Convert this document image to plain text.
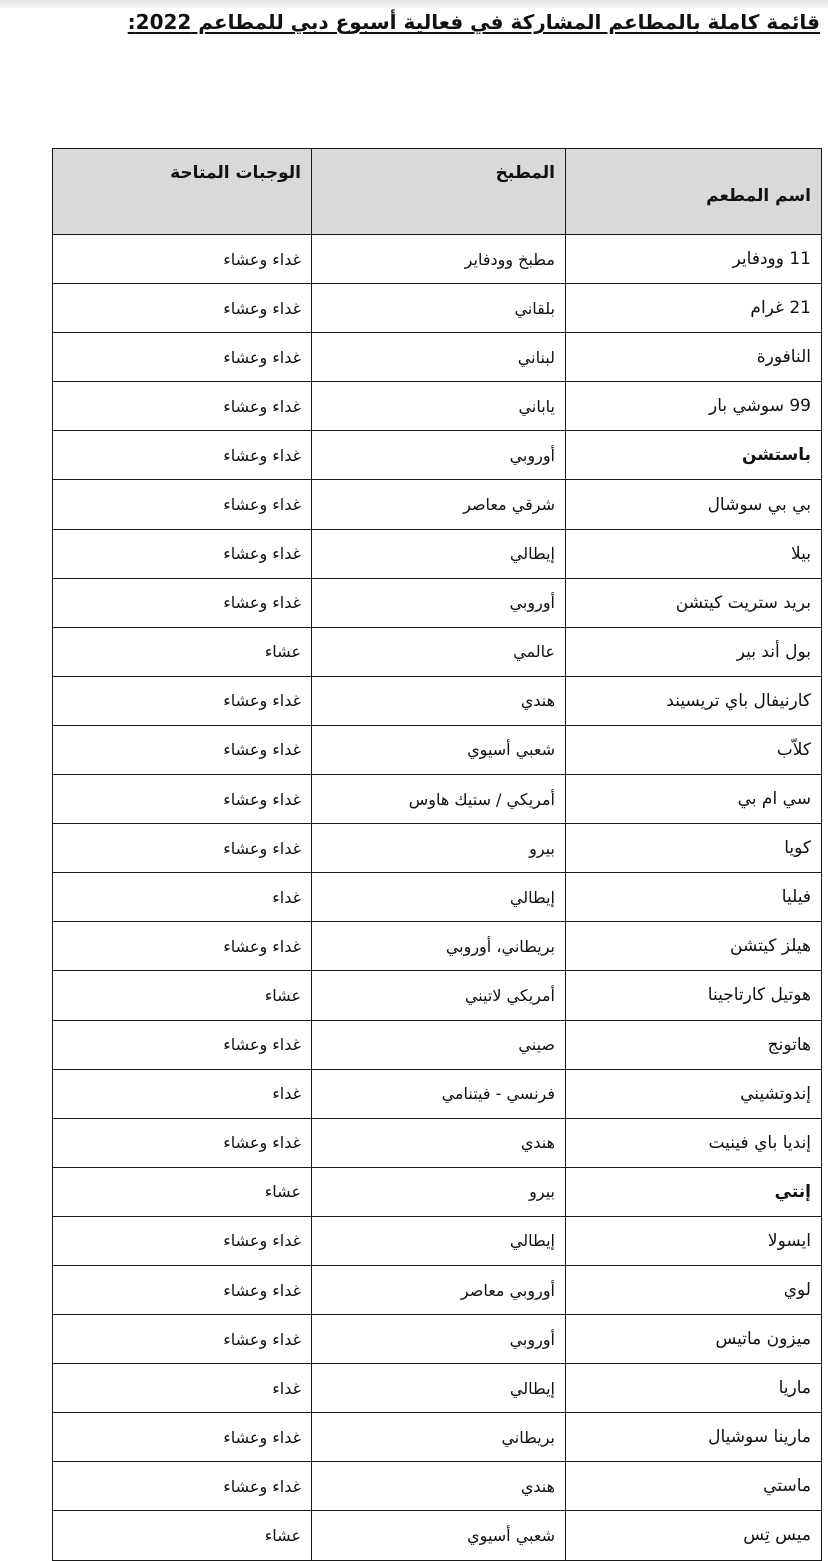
قائمة كاملة بالمطاعم المشاركة في فعالية أسبوع دبي للمطاعم 2022:
اسم المطعم	المطبخ	الوجبات المتاحة
11 وودفاير	مطبخ وودفاير	غداء وعشاء
21 غرام	بلقاني	غداء وعشاء
النافورة	لبناني	غداء وعشاء
99 سوشي بار	ياباني	غداء وعشاء
باستشن	أوروبي	غداء وعشاء
بي بي سوشال	شرقي معاصر	غداء وعشاء
بيلا	إيطالي	غداء وعشاء
بريد ستريت كيتشن	أوروبي	غداء وعشاء
بول أند بير	عالمي	عشاء
كارنيفال باي تريسيند	هندي	غداء وعشاء
كلاّب	شعبي أسيوي	غداء وعشاء
سي ام بي	أمريكي / ستيك هاوس	غداء وعشاء
كويا	بيرو	غداء وعشاء
فيليا	إيطالي	غداء
هيلز كيتشن	بريطاني، أوروبي	غداء وعشاء
هوتيل كارتاجينا	أمريكي لاتيني	عشاء
هاتونج	صيني	غداء وعشاء
إندوتشيني	فرنسي - فيتنامي	غداء
إنديا باي فينيت	هندي	غداء وعشاء
إنتي	بيرو	عشاء
ايسولا	إيطالي	غداء وعشاء
لوي	أوروبي معاصر	غداء وعشاء
ميزون ماتيس	أوروبي	غداء وعشاء
ماريا	إيطالي	غداء
مارينا سوشيال	بريطاني	غداء وعشاء
ماستي	هندي	غداء وعشاء
ميس تِس	شعبي أسيوي	عشاء
